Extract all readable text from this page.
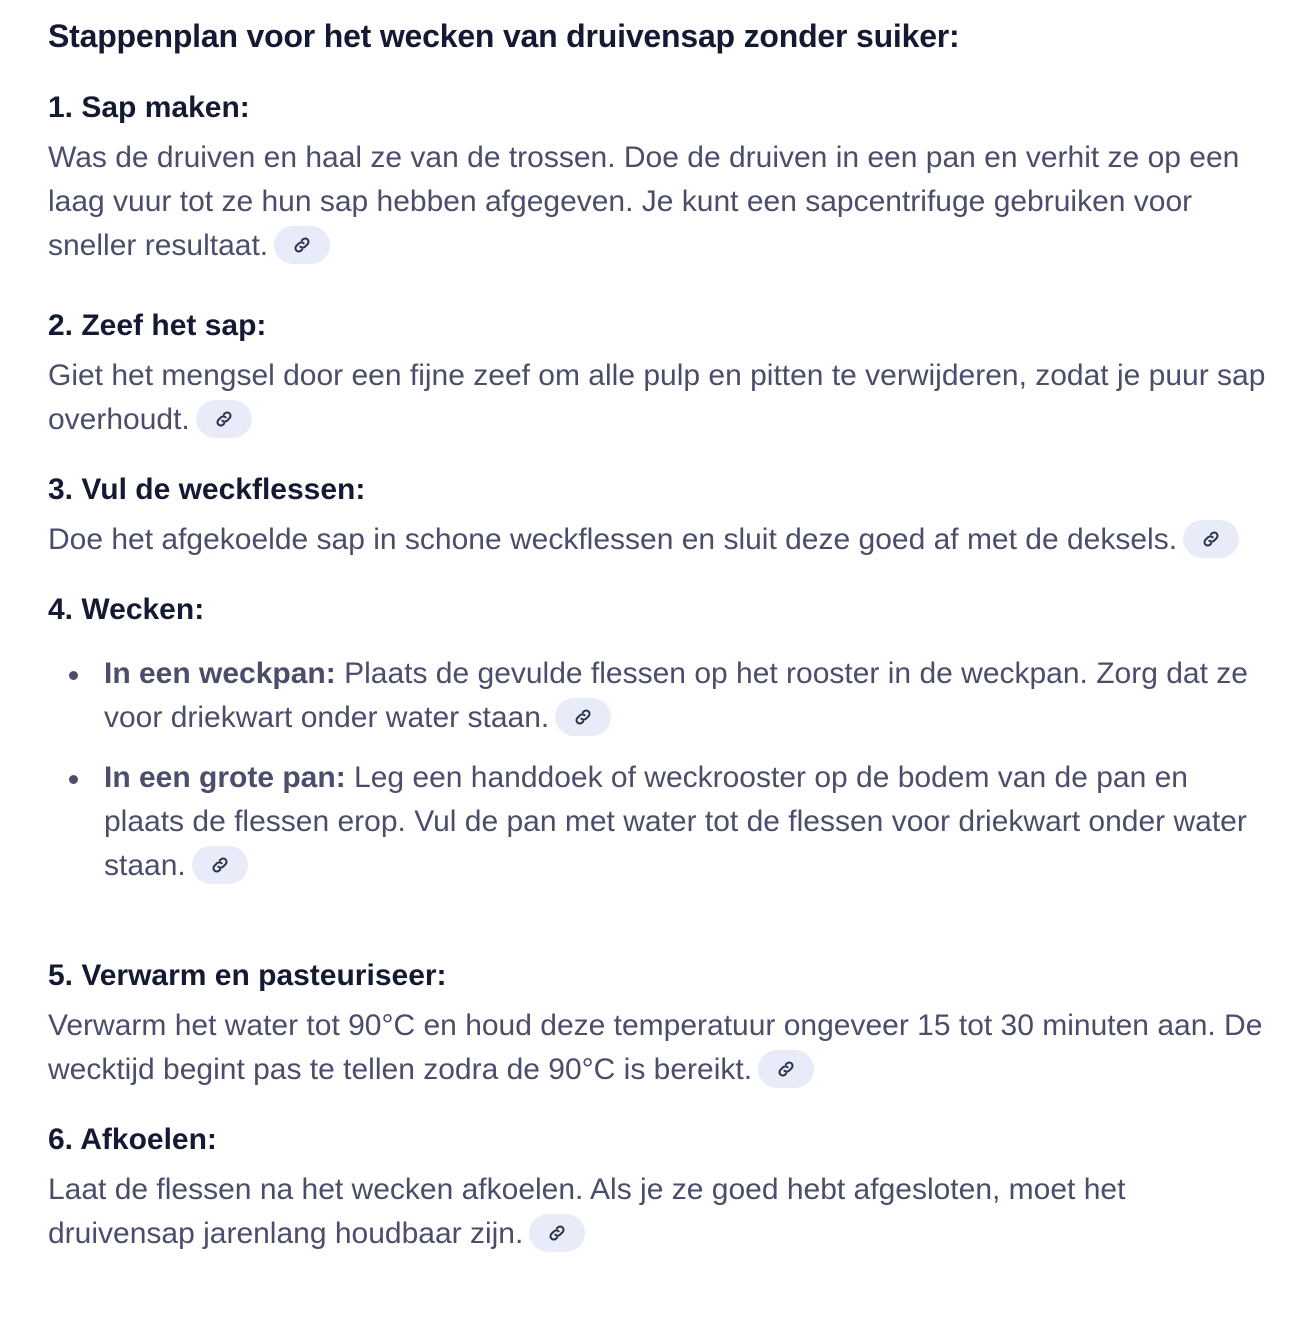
Stappenplan voor het wecken van druivensap zonder suiker:

1. Sap maken:

Was de druiven en haal ze van de trossen. Doe de druiven in een pan en verhit ze op een laag vuur tot ze hun sap hebben afgegeven. Je kunt een sapcentrifuge gebruiken voor sneller resultaat.

2. Zeef het sap:

Giet het mengsel door een fijne zeef om alle pulp en pitten te verwijderen, zodat je puur sap overhoudt.

3. Vul de weckflessen:

Doe het afgekoelde sap in schone weckflessen en sluit deze goed af met de deksels.

4. Wecken:

In een weckpan: Plaats de gevulde flessen op het rooster in de weckpan. Zorg dat ze voor driekwart onder water staan.
In een grote pan: Leg een handdoek of weckrooster op de bodem van de pan en plaats de flessen erop. Vul de pan met water tot de flessen voor driekwart onder water staan.

5. Verwarm en pasteuriseer:

Verwarm het water tot 90°C en houd deze temperatuur ongeveer 15 tot 30 minuten aan. De wecktijd begint pas te tellen zodra de 90°C is bereikt.

6. Afkoelen:

Laat de flessen na het wecken afkoelen. Als je ze goed hebt afgesloten, moet het druivensap jarenlang houdbaar zijn.
